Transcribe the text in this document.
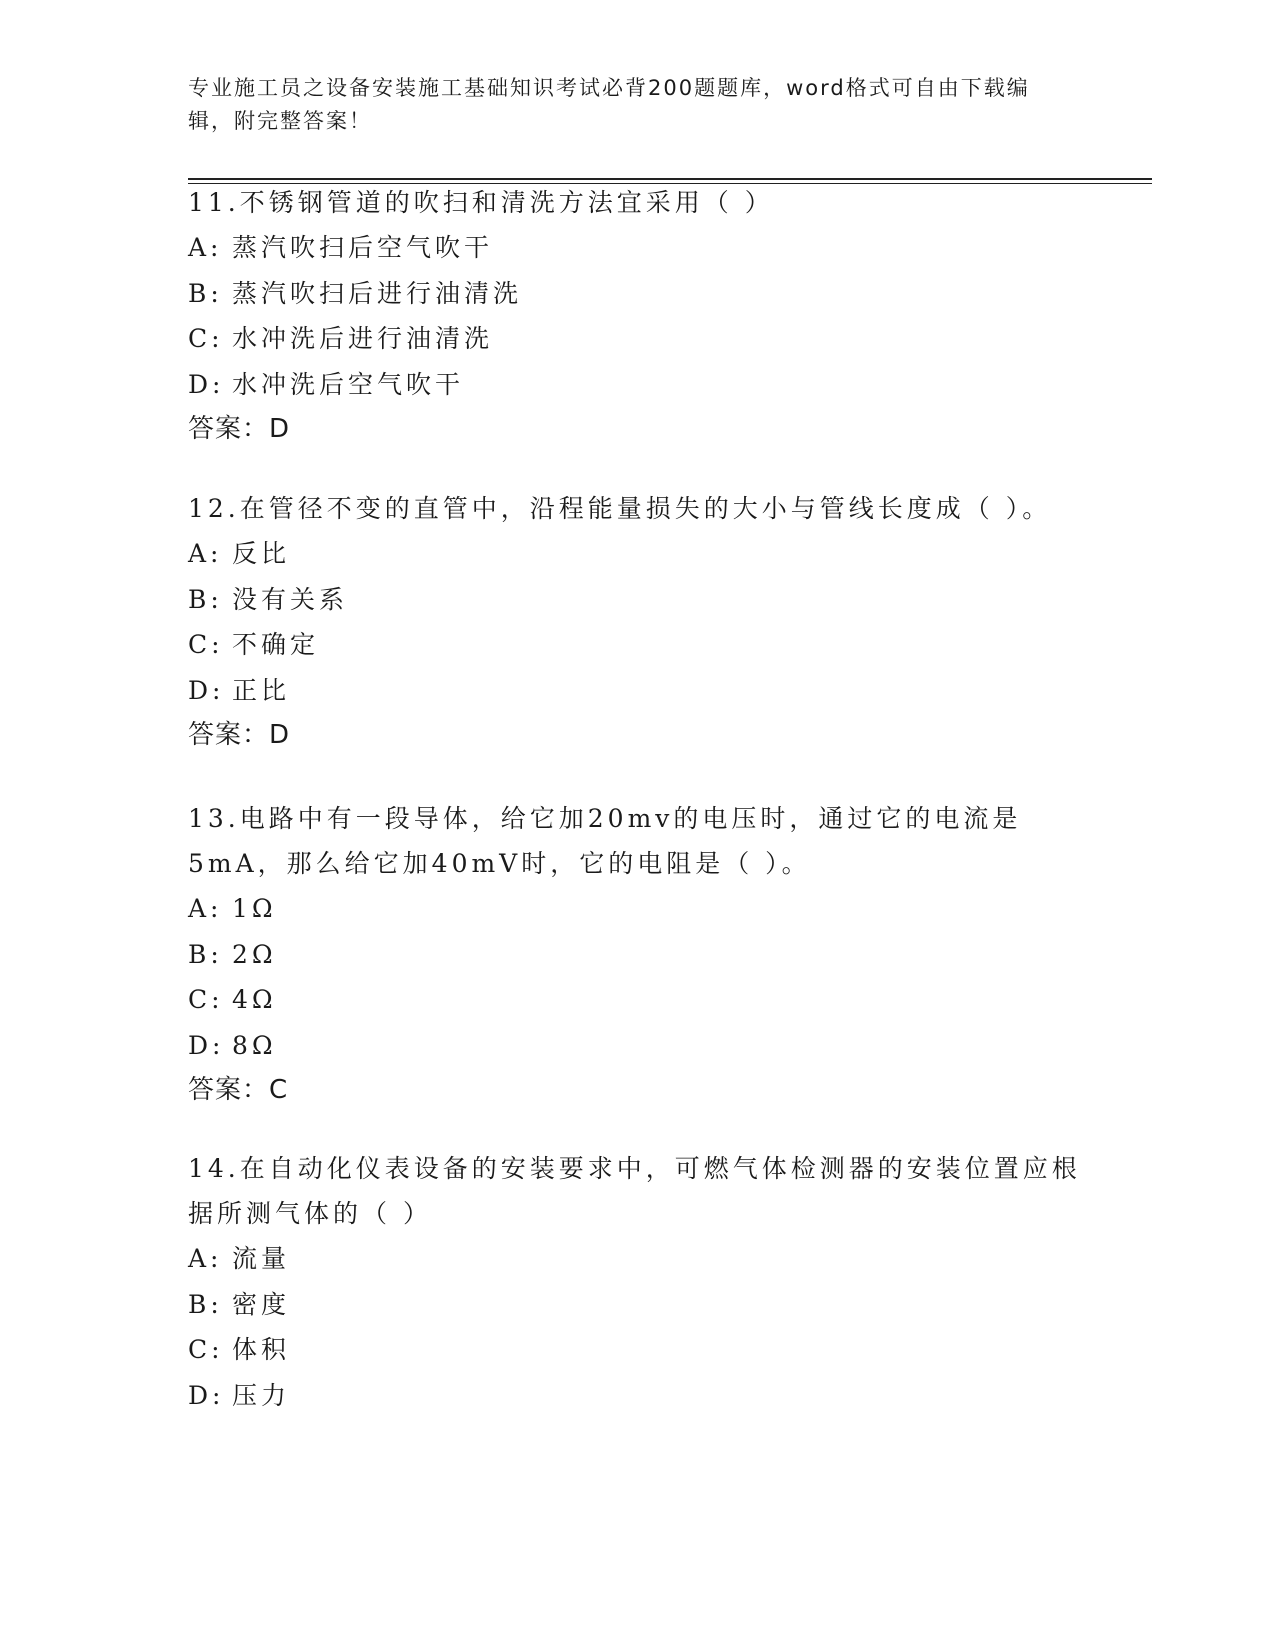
专业施工员之设备安装施工基础知识考试必背200题题库，word格式可自由下载编辑，附完整答案！

11.不锈钢管道的吹扫和清洗方法宜采用（ ）

A: 蒸汽吹扫后空气吹干
B: 蒸汽吹扫后进行油清洗
C: 水冲洗后进行油清洗
D: 水冲洗后空气吹干
答案：D

12.在管径不变的直管中，沿程能量损失的大小与管线长度成（ ）。

A: 反比
B: 没有关系
C: 不确定
D: 正比
答案：D

13.电路中有一段导体，给它加20mv的电压时，通过它的电流是5mA，那么给它加40mV时，它的电阻是（ ）。

A: 1Ω
B: 2Ω
C: 4Ω
D: 8Ω
答案：C

14.在自动化仪表设备的安装要求中，可燃气体检测器的安装位置应根据所测气体的（ ）

A: 流量
B: 密度
C: 体积
D: 压力
